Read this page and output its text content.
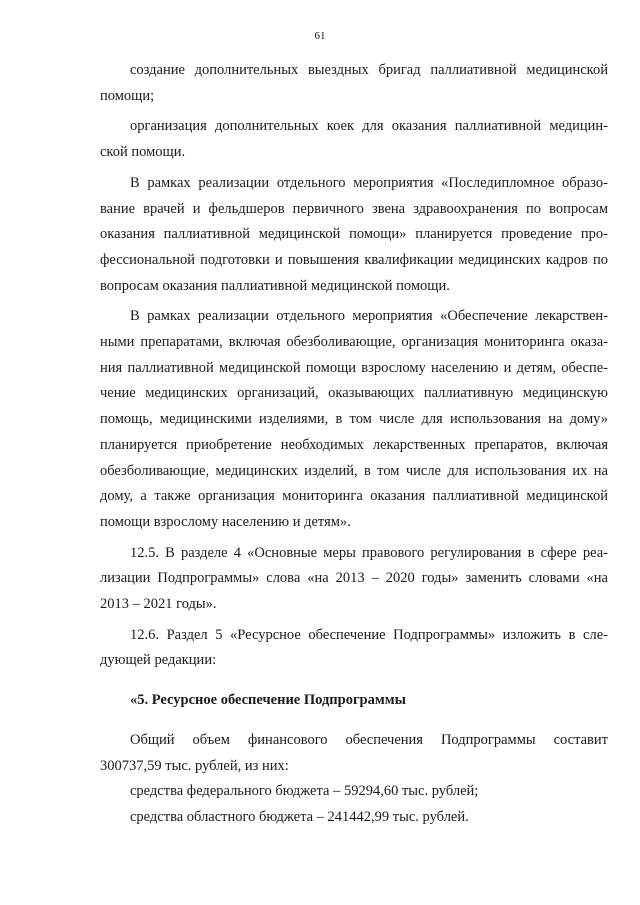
61
создание дополнительных выездных бригад паллиативной медицинской
помощи;
организация дополнительных коек для оказания паллиативной медицин-
ской помощи.
В рамках реализации отдельного мероприятия «Последипломное образо-
вание врачей и фельдшеров первичного звена здравоохранения по вопросам
оказания паллиативной медицинской помощи» планируется проведение про-
фессиональной подготовки и повышения квалификации медицинских кадров по
вопросам оказания паллиативной медицинской помощи.
В рамках реализации отдельного мероприятия «Обеспечение лекарствен-
ными препаратами, включая обезболивающие, организация мониторинга оказа-
ния паллиативной медицинской помощи взрослому населению и детям, обеспе-
чение медицинских организаций, оказывающих паллиативную медицинскую
помощь, медицинскими изделиями, в том числе для использования на дому»
планируется приобретение необходимых лекарственных препаратов, включая
обезболивающие, медицинских изделий, в том числе для использования их на
дому, а также организация мониторинга оказания паллиативной медицинской
помощи взрослому населению и детям».
12.5. В разделе 4 «Основные меры правового регулирования в сфере реа-
лизации Подпрограммы» слова «на 2013 – 2020 годы» заменить словами «на
2013 – 2021 годы».
12.6. Раздел 5 «Ресурсное обеспечение Подпрограммы» изложить в сле-
дующей редакции:
«5. Ресурсное обеспечение Подпрограммы
Общий объем финансового обеспечения Подпрограммы составит
300737,59 тыс. рублей, из них:
средства федерального бюджета – 59294,60 тыс. рублей;
средства областного бюджета – 241442,99 тыс. рублей.
